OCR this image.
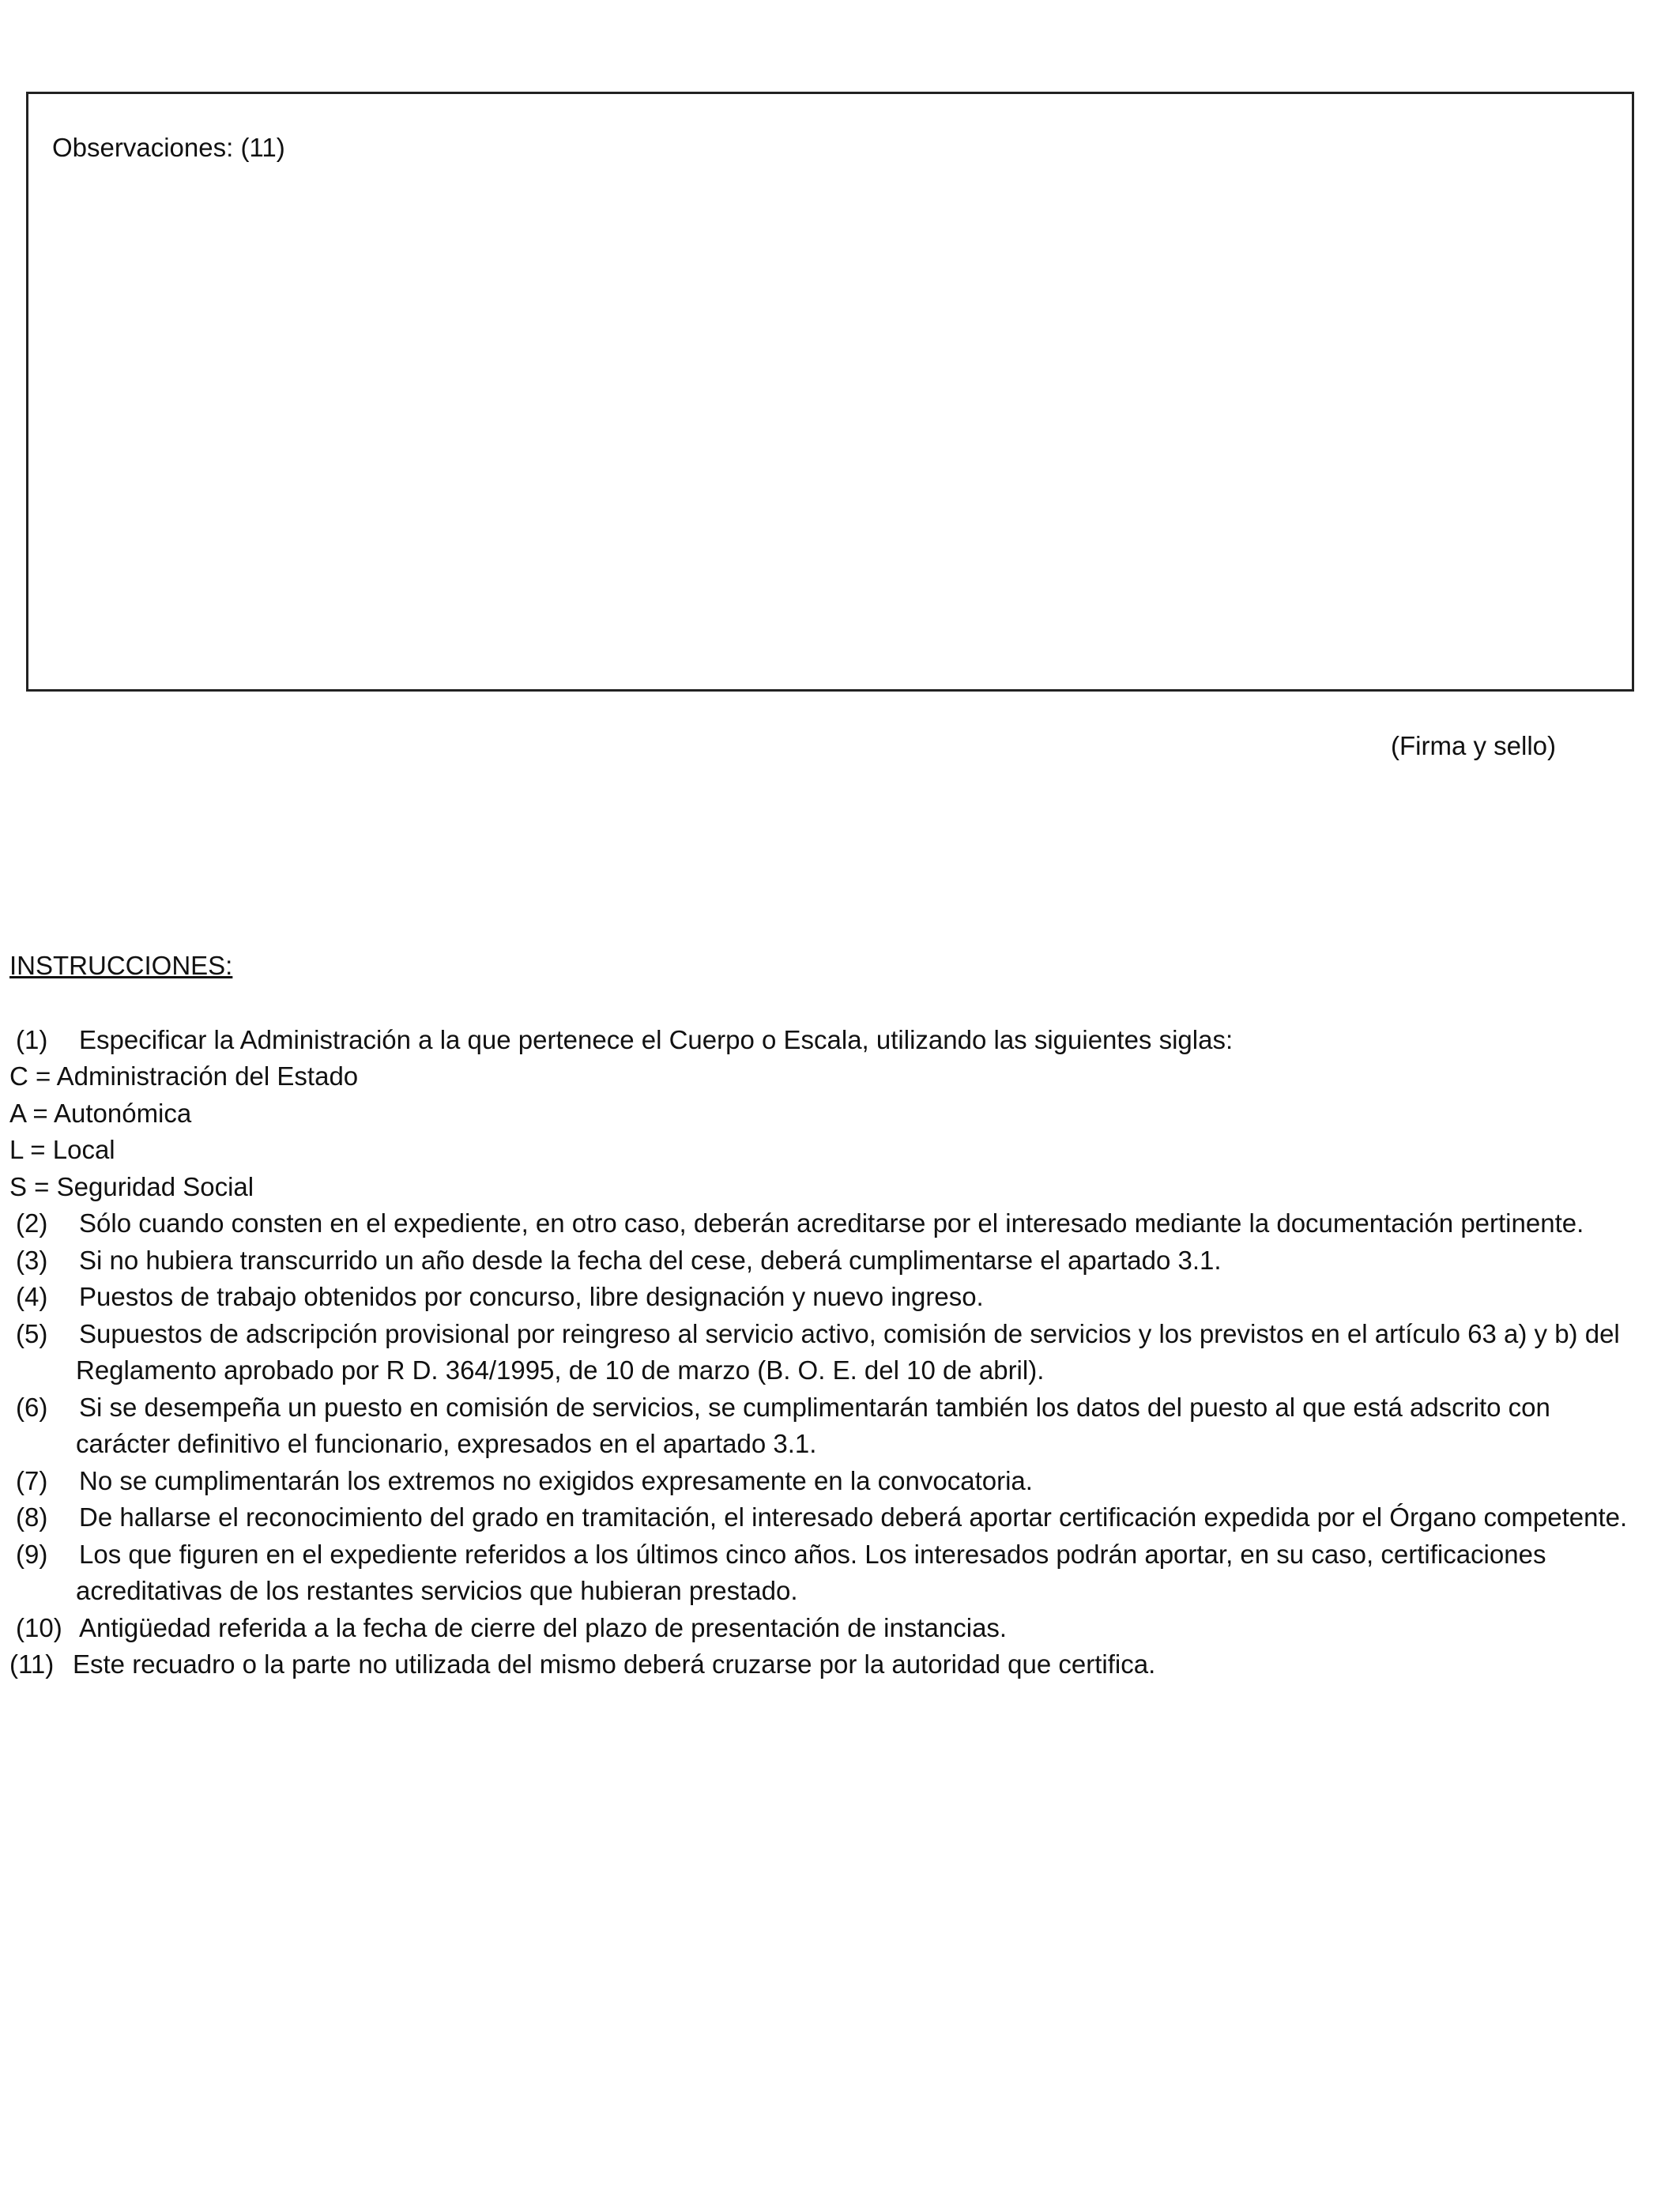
Observaciones: (11)

(Firma y sello)
INSTRUCCIONES:
(1) Especificar la Administración a la que pertenece el Cuerpo o Escala, utilizando las siguientes siglas:
C = Administración del Estado
A = Autonómica
L = Local
S = Seguridad Social
(2) Sólo cuando consten en el expediente, en otro caso, deberán acreditarse por el interesado mediante la documentación pertinente.
(3) Si no hubiera transcurrido un año desde la fecha del cese, deberá cumplimentarse el apartado 3.1.
(4) Puestos de trabajo obtenidos por concurso, libre designación y nuevo ingreso.
(5) Supuestos de adscripción provisional por reingreso al servicio activo, comisión de servicios y los previstos en el artículo 63 a) y b) del
Reglamento aprobado por R D. 364/1995, de 10 de marzo (B. O. E. del 10 de abril).
(6) Si se desempeña un puesto en comisión de servicios, se cumplimentarán también los datos del puesto al que está adscrito con
carácter definitivo el funcionario, expresados en el apartado 3.1.
(7) No se cumplimentarán los extremos no exigidos expresamente en la convocatoria.
(8) De hallarse el reconocimiento del grado en tramitación, el interesado deberá aportar certificación expedida por el Órgano competente.
(9) Los que figuren en el expediente referidos a los últimos cinco años. Los interesados podrán aportar, en su caso, certificaciones
acreditativas de los restantes servicios que hubieran prestado.
(10) Antigüedad referida a la fecha de cierre del plazo de presentación de instancias.
(11) Este recuadro o la parte no utilizada del mismo deberá cruzarse por la autoridad que certifica.
